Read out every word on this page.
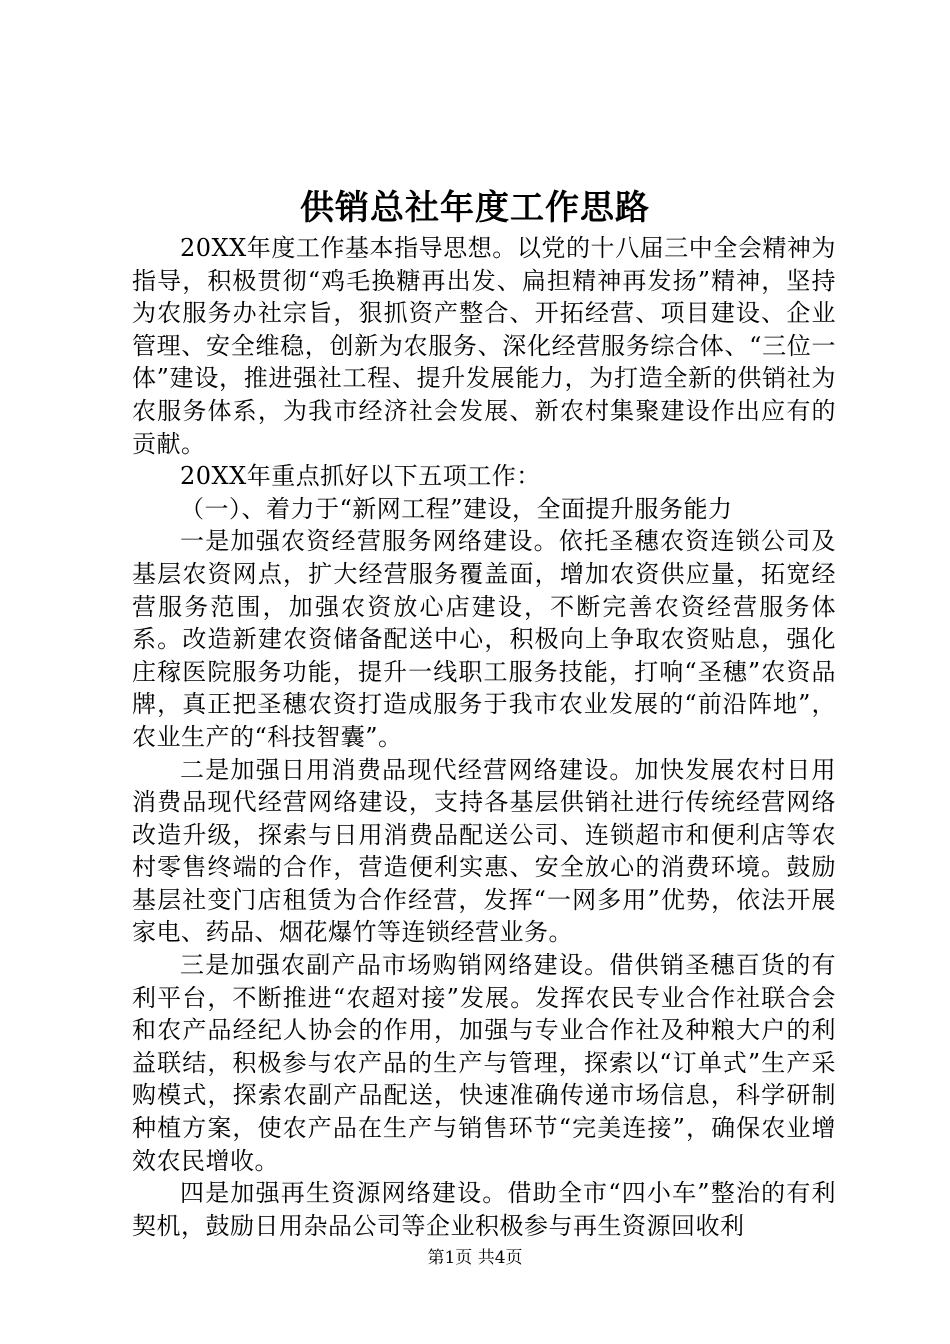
供销总社年度工作思路

20XX年度工作基本指导思想。以党的十八届三中全会精神为指导，积极贯彻“鸡毛换糖再出发、扁担精神再发扬”精神，坚持为农服务办社宗旨，狠抓资产整合、开拓经营、项目建设、企业管理、安全维稳，创新为农服务、深化经营服务综合体、“三位一体”建设，推进强社工程、提升发展能力，为打造全新的供销社为农服务体系，为我市经济社会发展、新农村集聚建设作出应有的贡献。

20XX年重点抓好以下五项工作：

（一）、着力于“新网工程”建设，全面提升服务能力

一是加强农资经营服务网络建设。依托圣穗农资连锁公司及基层农资网点，扩大经营服务覆盖面，增加农资供应量，拓宽经营服务范围，加强农资放心店建设，不断完善农资经营服务体系。改造新建农资储备配送中心，积极向上争取农资贴息，强化庄稼医院服务功能，提升一线职工服务技能，打响“圣穗”农资品牌，真正把圣穗农资打造成服务于我市农业发展的“前沿阵地”，农业生产的“科技智囊”。

二是加强日用消费品现代经营网络建设。加快发展农村日用消费品现代经营网络建设，支持各基层供销社进行传统经营网络改造升级，探索与日用消费品配送公司、连锁超市和便利店等农村零售终端的合作，营造便利实惠、安全放心的消费环境。鼓励基层社变门店租赁为合作经营，发挥“一网多用”优势，依法开展家电、药品、烟花爆竹等连锁经营业务。

三是加强农副产品市场购销网络建设。借供销圣穗百货的有利平台，不断推进“农超对接”发展。发挥农民专业合作社联合会和农产品经纪人协会的作用，加强与专业合作社及种粮大户的利益联结，积极参与农产品的生产与管理，探索以“订单式”生产采购模式，探索农副产品配送，快速准确传递市场信息，科学研制种植方案，使农产品在生产与销售环节“完美连接”，确保农业增效农民增收。

四是加强再生资源网络建设。借助全市“四小车”整治的有利契机，鼓励日用杂品公司等企业积极参与再生资源回收利

第1页 共4页
